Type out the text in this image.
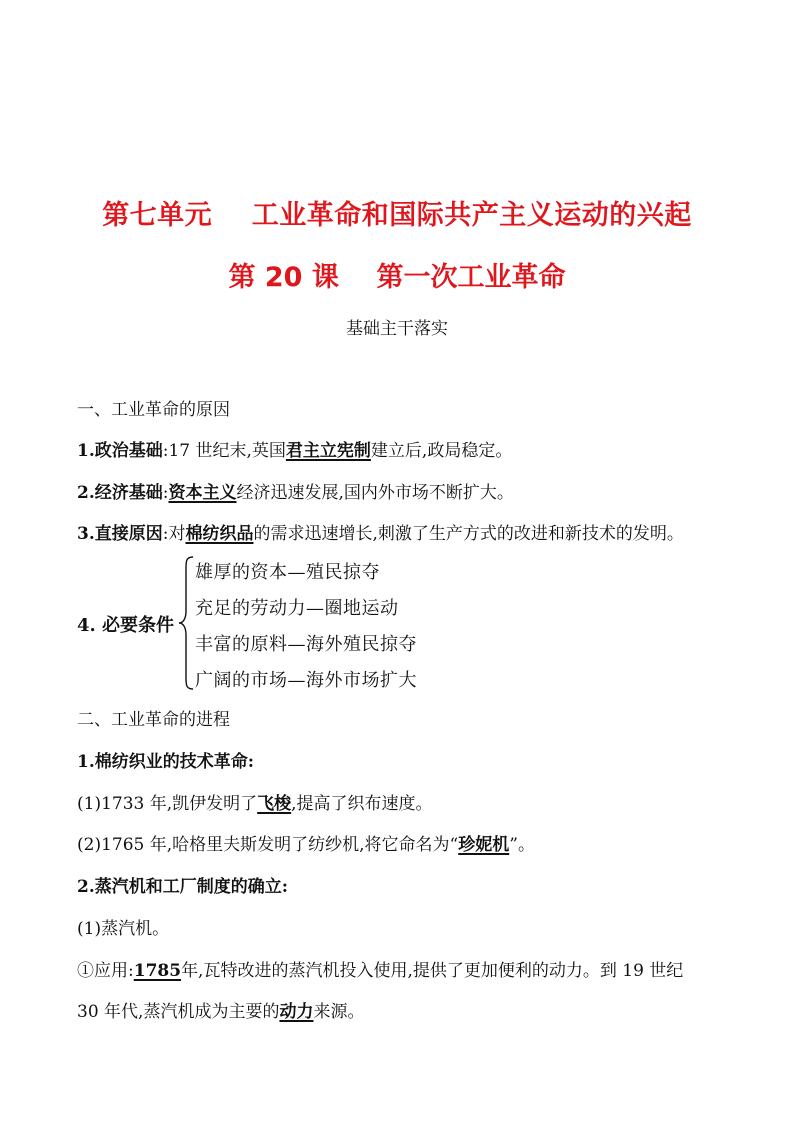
第七单元    工业革命和国际共产主义运动的兴起
第 20 课    第一次工业革命
基础主干落实
一、工业革命的原因
1.政治基础:17 世纪末,英国君主立宪制建立后,政局稳定。
2.经济基础:资本主义经济迅速发展,国内外市场不断扩大。
3.直接原因:对棉纺织品的需求迅速增长,刺激了生产方式的改进和新技术的发明。
4. 必要条件
雄厚的资本—殖民掠夺
充足的劳动力—圈地运动
丰富的原料—海外殖民掠夺
广阔的市场—海外市场扩大
二、工业革命的进程
1.棉纺织业的技术革命:
(1)1733 年,凯伊发明了飞梭,提高了织布速度。
(2)1765 年,哈格里夫斯发明了纺纱机,将它命名为“珍妮机”。
2.蒸汽机和工厂制度的确立:
(1)蒸汽机。
①应用:1785年,瓦特改进的蒸汽机投入使用,提供了更加便利的动力。到 19 世纪
30 年代,蒸汽机成为主要的动力来源。
